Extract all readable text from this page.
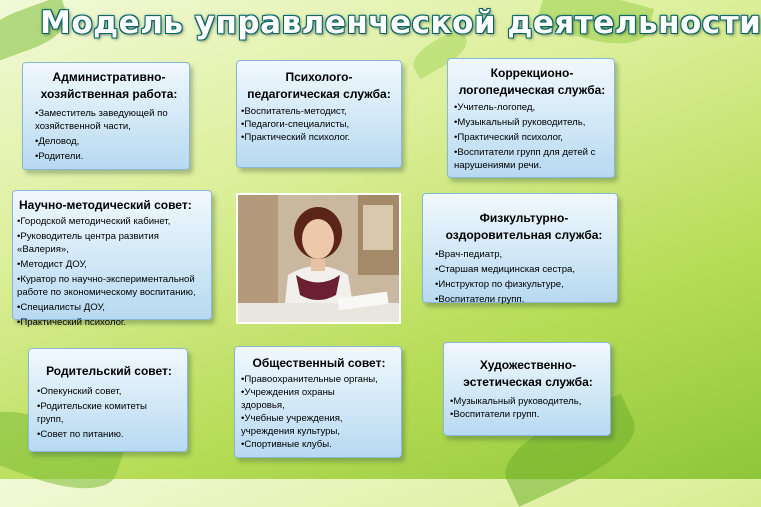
Модель управленческой деятельности
Административно-
хозяйственная работа:
• Заместитель заведующей по
хозяйственной части,
• Деловод,
• Родители.
Психолого-
педагогическая служба:
• Воспитатель-методист,
• Педагоги-специалисты,
• Практический психолог.
Коррекционо-
логопедическая служба:
• Учитель-логопед,
• Музыкальный руководитель,
• Практический психолог,
• Воспитатели групп для детей с
нарушениями речи.
Научно-методический совет:
• Городской методический кабинет,
• Руководитель центра развития
«Валерия»,
• Методист ДОУ,
• Куратор по научно-экспериментальной
работе по экономическому воспитанию,
• Специалисты ДОУ,
• Практический психолог.
Физкультурно-
оздоровительная служба:
• Врач-педиатр,
• Старшая медицинская сестра,
• Инструктор по физкультуре,
• Воспитатели групп.
Родительский совет:
• Опекунский совет,
• Родительские комитеты
групп,
• Совет по питанию.
Общественный совет:
• Правоохранительные органы,
• Учреждения охраны
здоровья,
• Учебные учреждения,
учреждения культуры,
• Спортивные клубы.
Художественно-
эстетическая служба:
• Музыкальный руководитель,
• Воспитатели групп.
